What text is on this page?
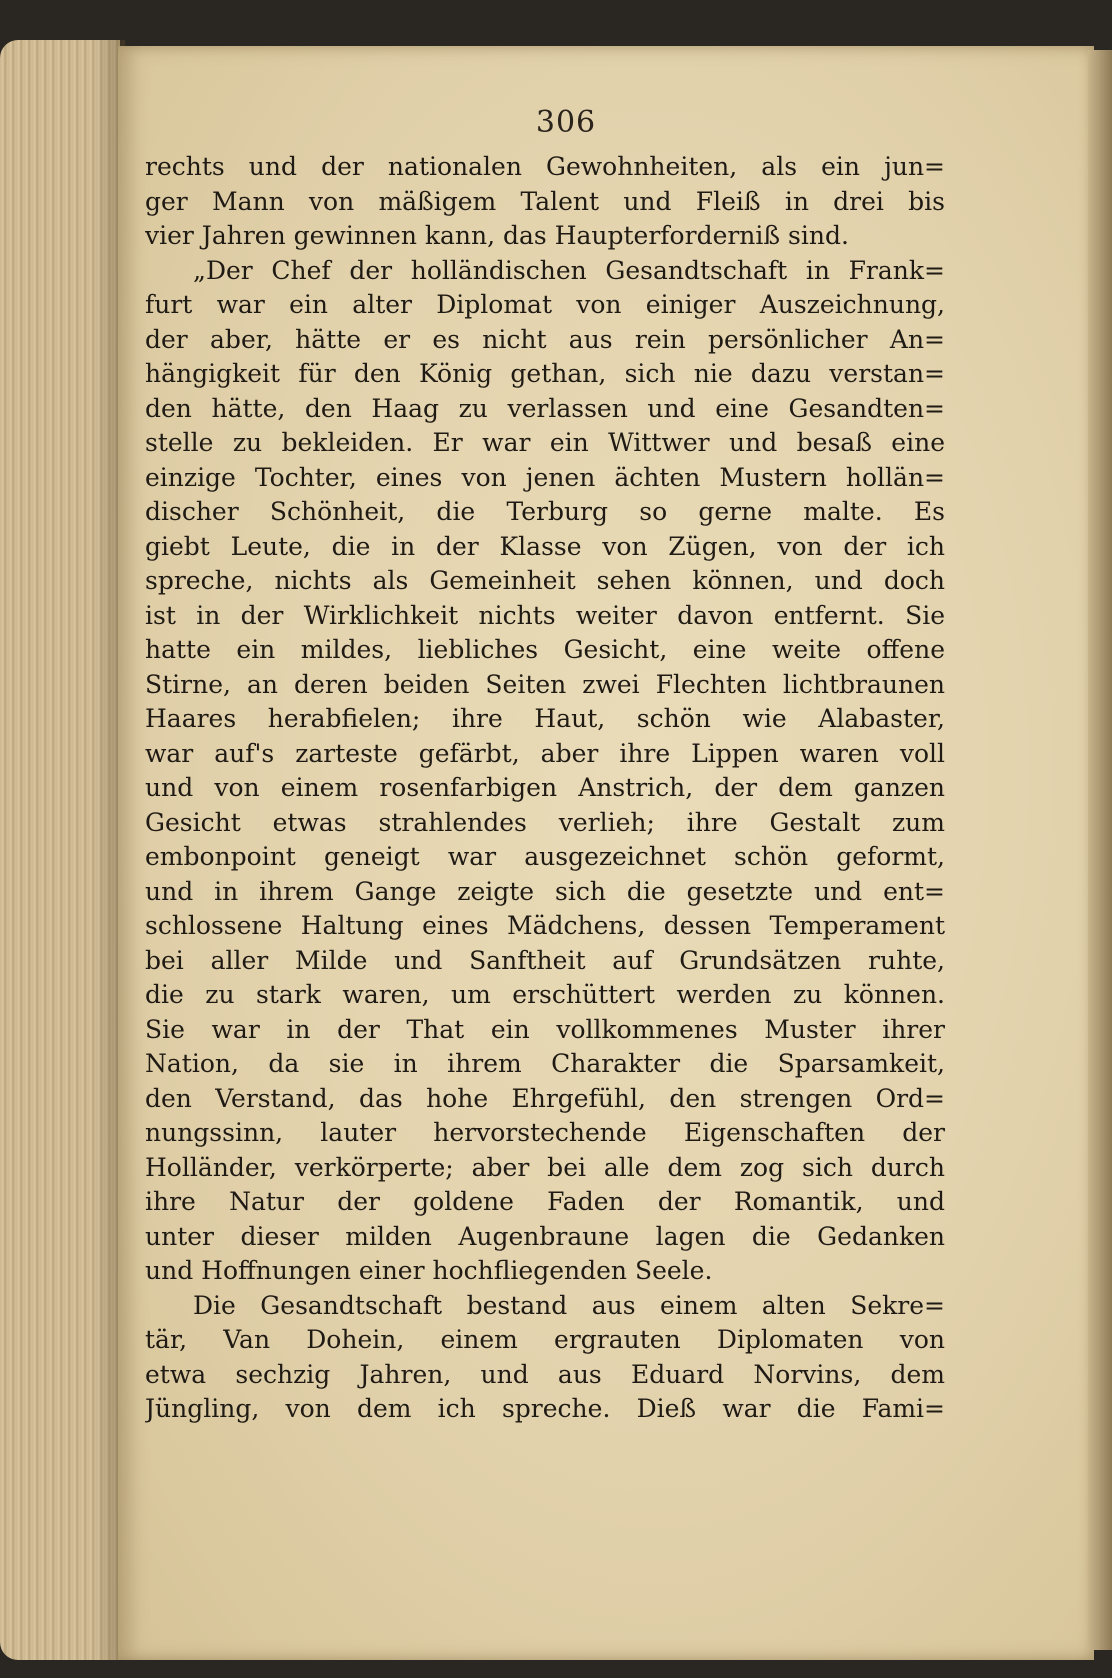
306
rechts und der nationalen Gewohnheiten, als ein jun=
ger Mann von mäßigem Talent und Fleiß in drei bis
vier Jahren gewinnen kann, das Haupterforderniß sind.
„Der Chef der holländischen Gesandtschaft in Frank=
furt war ein alter Diplomat von einiger Auszeichnung,
der aber, hätte er es nicht aus rein persönlicher An=
hängigkeit für den König gethan, sich nie dazu verstan=
den hätte, den Haag zu verlassen und eine Gesandten=
stelle zu bekleiden. Er war ein Wittwer und besaß eine
einzige Tochter, eines von jenen ächten Mustern hollän=
discher Schönheit, die Terburg so gerne malte. Es
giebt Leute, die in der Klasse von Zügen, von der ich
spreche, nichts als Gemeinheit sehen können, und doch
ist in der Wirklichkeit nichts weiter davon entfernt. Sie
hatte ein mildes, liebliches Gesicht, eine weite offene
Stirne, an deren beiden Seiten zwei Flechten lichtbraunen
Haares herabfielen; ihre Haut, schön wie Alabaster,
war auf's zarteste gefärbt, aber ihre Lippen waren voll
und von einem rosenfarbigen Anstrich, der dem ganzen
Gesicht etwas strahlendes verlieh; ihre Gestalt zum
embonpoint geneigt war ausgezeichnet schön geformt,
und in ihrem Gange zeigte sich die gesetzte und ent=
schlossene Haltung eines Mädchens, dessen Temperament
bei aller Milde und Sanftheit auf Grundsätzen ruhte,
die zu stark waren, um erschüttert werden zu können.
Sie war in der That ein vollkommenes Muster ihrer
Nation, da sie in ihrem Charakter die Sparsamkeit,
den Verstand, das hohe Ehrgefühl, den strengen Ord=
nungssinn, lauter hervorstechende Eigenschaften der
Holländer, verkörperte; aber bei alle dem zog sich durch
ihre Natur der goldene Faden der Romantik, und
unter dieser milden Augenbraune lagen die Gedanken
und Hoffnungen einer hochfliegenden Seele.
Die Gesandtschaft bestand aus einem alten Sekre=
tär, Van Dohein, einem ergrauten Diplomaten von
etwa sechzig Jahren, und aus Eduard Norvins, dem
Jüngling, von dem ich spreche. Dieß war die Fami=
